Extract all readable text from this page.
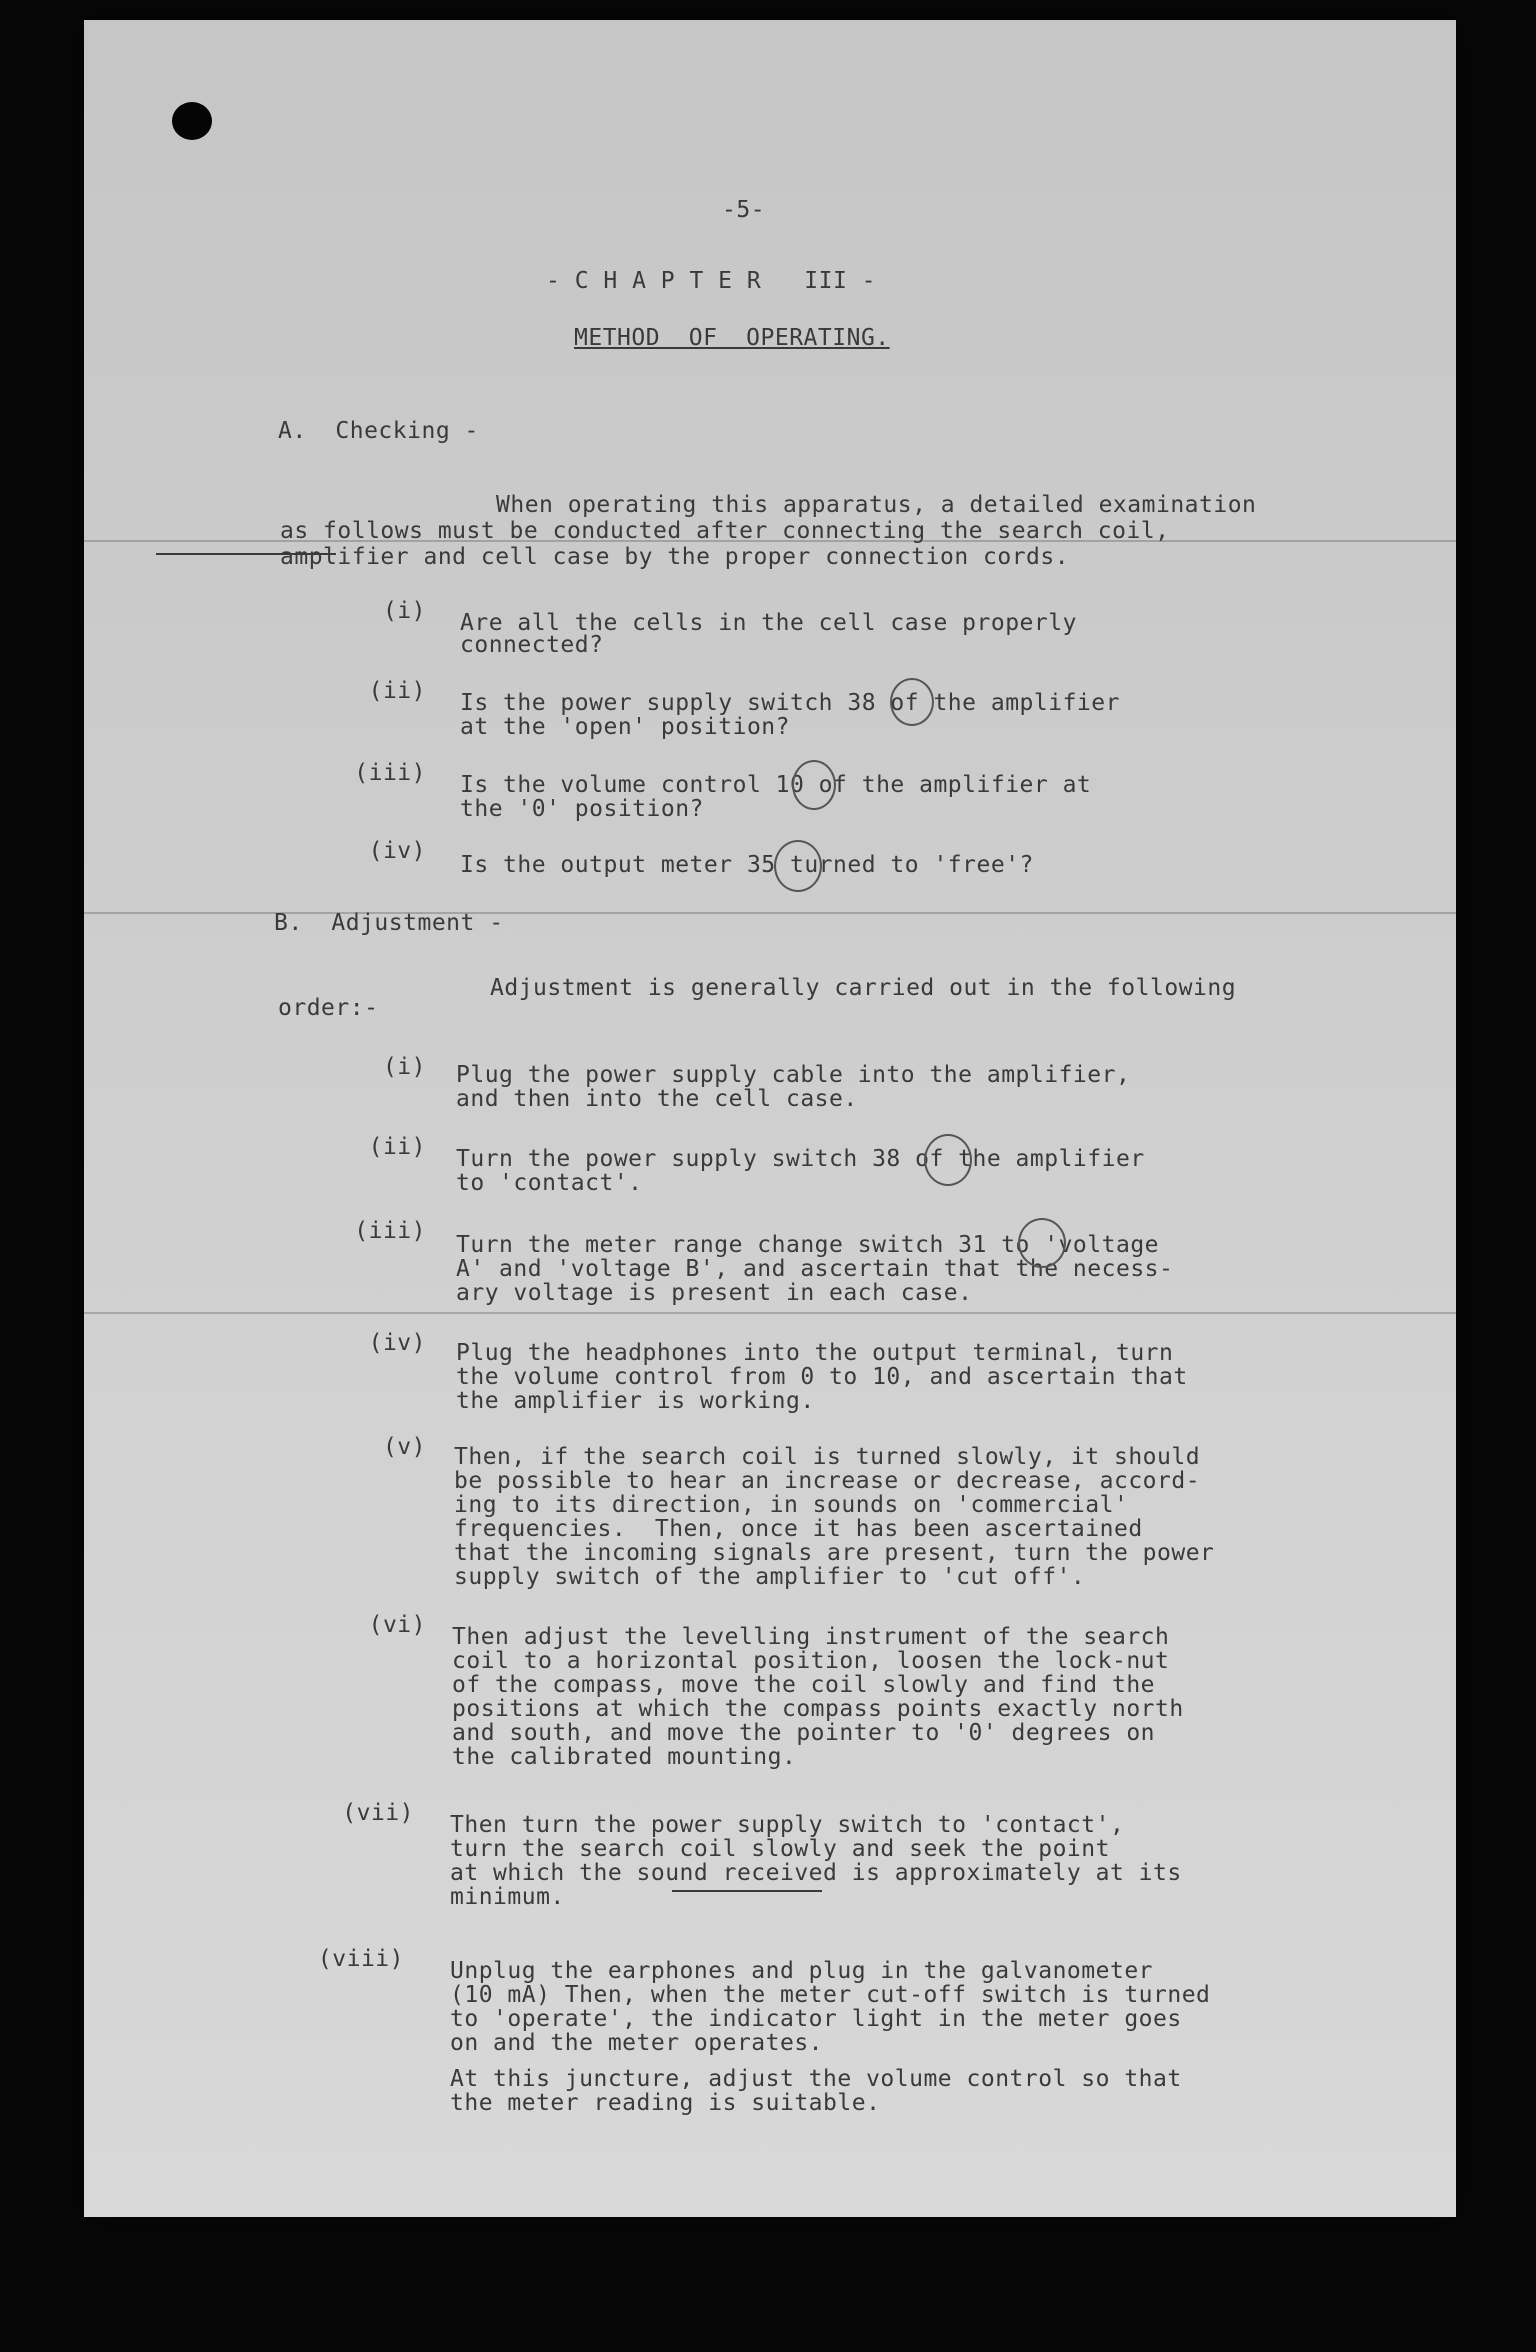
-5-
- C H A P T E R   III -
METHOD  OF  OPERATING.
A.  Checking -
When operating this apparatus, a detailed examination
as follows must be conducted after connecting the search coil,
amplifier and cell case by the proper connection cords.
(i) Are all the cells in the cell case properly
connected?
(ii) Is the power supply switch 38 of the amplifier
at the 'open' position?
(iii) Is the volume control 10 of the amplifier at
the '0' position?
(iv)
Is the output meter 35 turned to 'free'?
B.  Adjustment -
Adjustment is generally carried out in the following
order:-
(i) Plug the power supply cable into the amplifier,
and then into the cell case.
(ii) Turn the power supply switch 38 of the amplifier
to 'contact'.
(iii)
Turn the meter range change switch 31 to 'voltage
A' and 'voltage B', and ascertain that the necess-
ary voltage is present in each case.
(iv) Plug the headphones into the output terminal, turn
the volume control from 0 to 10, and ascertain that
the amplifier is working.
(v) Then, if the search coil is turned slowly, it should
be possible to hear an increase or decrease, accord-
ing to its direction, in sounds on 'commercial'
frequencies.  Then, once it has been ascertained
that the incoming signals are present, turn the power
supply switch of the amplifier to 'cut off'.
(vi) Then adjust the levelling instrument of the search
coil to a horizontal position, loosen the lock-nut
of the compass, move the coil slowly and find the
positions at which the compass points exactly north
and south, and move the pointer to '0' degrees on
the calibrated mounting.
(vii) Then turn the power supply switch to 'contact',
turn the search coil slowly and seek the point
at which the sound received is approximately at its
minimum.
(viii) Unplug the earphones and plug in the galvanometer
(10 mA) Then, when the meter cut-off switch is turned
to 'operate', the indicator light in the meter goes
on and the meter operates.
At this juncture, adjust the volume control so that
the meter reading is suitable.
